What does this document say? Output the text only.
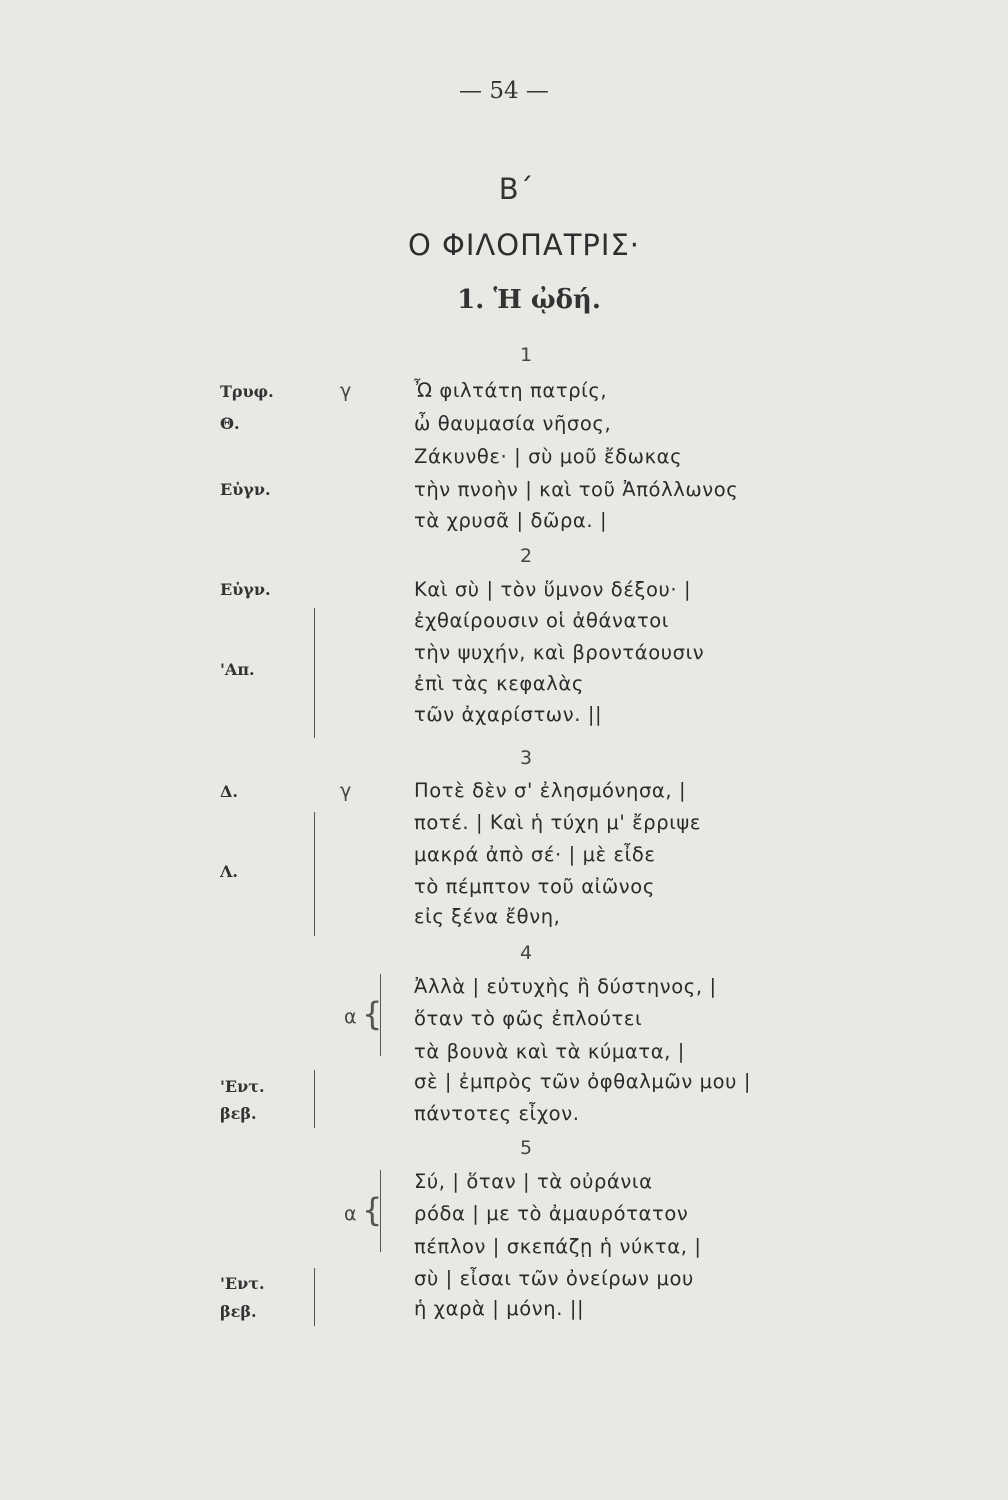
— 54 —
Β΄
Ο ΦΙΛΟΠΑΤΡΙΣ·
1. Ἡ ᾠδή.
1
Ὦ φιλτάτη πατρίς,
ὦ θαυμασία νῆσος,
Ζάκυνθε· | σὺ μοῦ ἔδωκας
τὴν πνοὴν | καὶ τοῦ Ἀπόλλωνος
τὰ χρυσᾶ | δῶρα. |
Τρυφ.
Θ.
Εὐγν.
γ
2
Καὶ σὺ | τὸν ὕμνον δέξου· |
ἐχθαίρουσιν οἱ ἀθάνατοι
τὴν ψυχήν, καὶ βροντάουσιν
ἐπὶ τὰς κεφαλὰς
τῶν ἀχαρίστων. ||
Εὐγν.
'Απ.
3
Ποτὲ δὲν σ' ἐλησμόνησα, |
ποτέ. | Καὶ ἡ τύχη μ' ἔρριψε
μακρά ἀπὸ σέ· | μὲ εἶδε
τὸ πέμπτον τοῦ αἰῶνος
εἰς ξένα ἔθνη,
Δ.
Λ.
γ
4
Ἀλλὰ | εὐτυχὴς ἢ δύστηνος, |
ὅταν τὸ φῶς ἐπλούτει
τὰ βουνὰ καὶ τὰ κύματα, |
σὲ | ἐμπρὸς τῶν ὀφθαλμῶν μου |
πάντοτες εἶχον.
'Εντ.
βεβ.
α {
5
Σύ, | ὅταν | τὰ οὐράνια
ρόδα | με τὸ ἀμαυρότατον
πέπλον | σκεπάζῃ ἡ νύκτα, |
σὺ | εἶσαι τῶν ὀνείρων μου
ἡ χαρὰ | μόνη. ||
'Εντ.
βεβ.
α {
